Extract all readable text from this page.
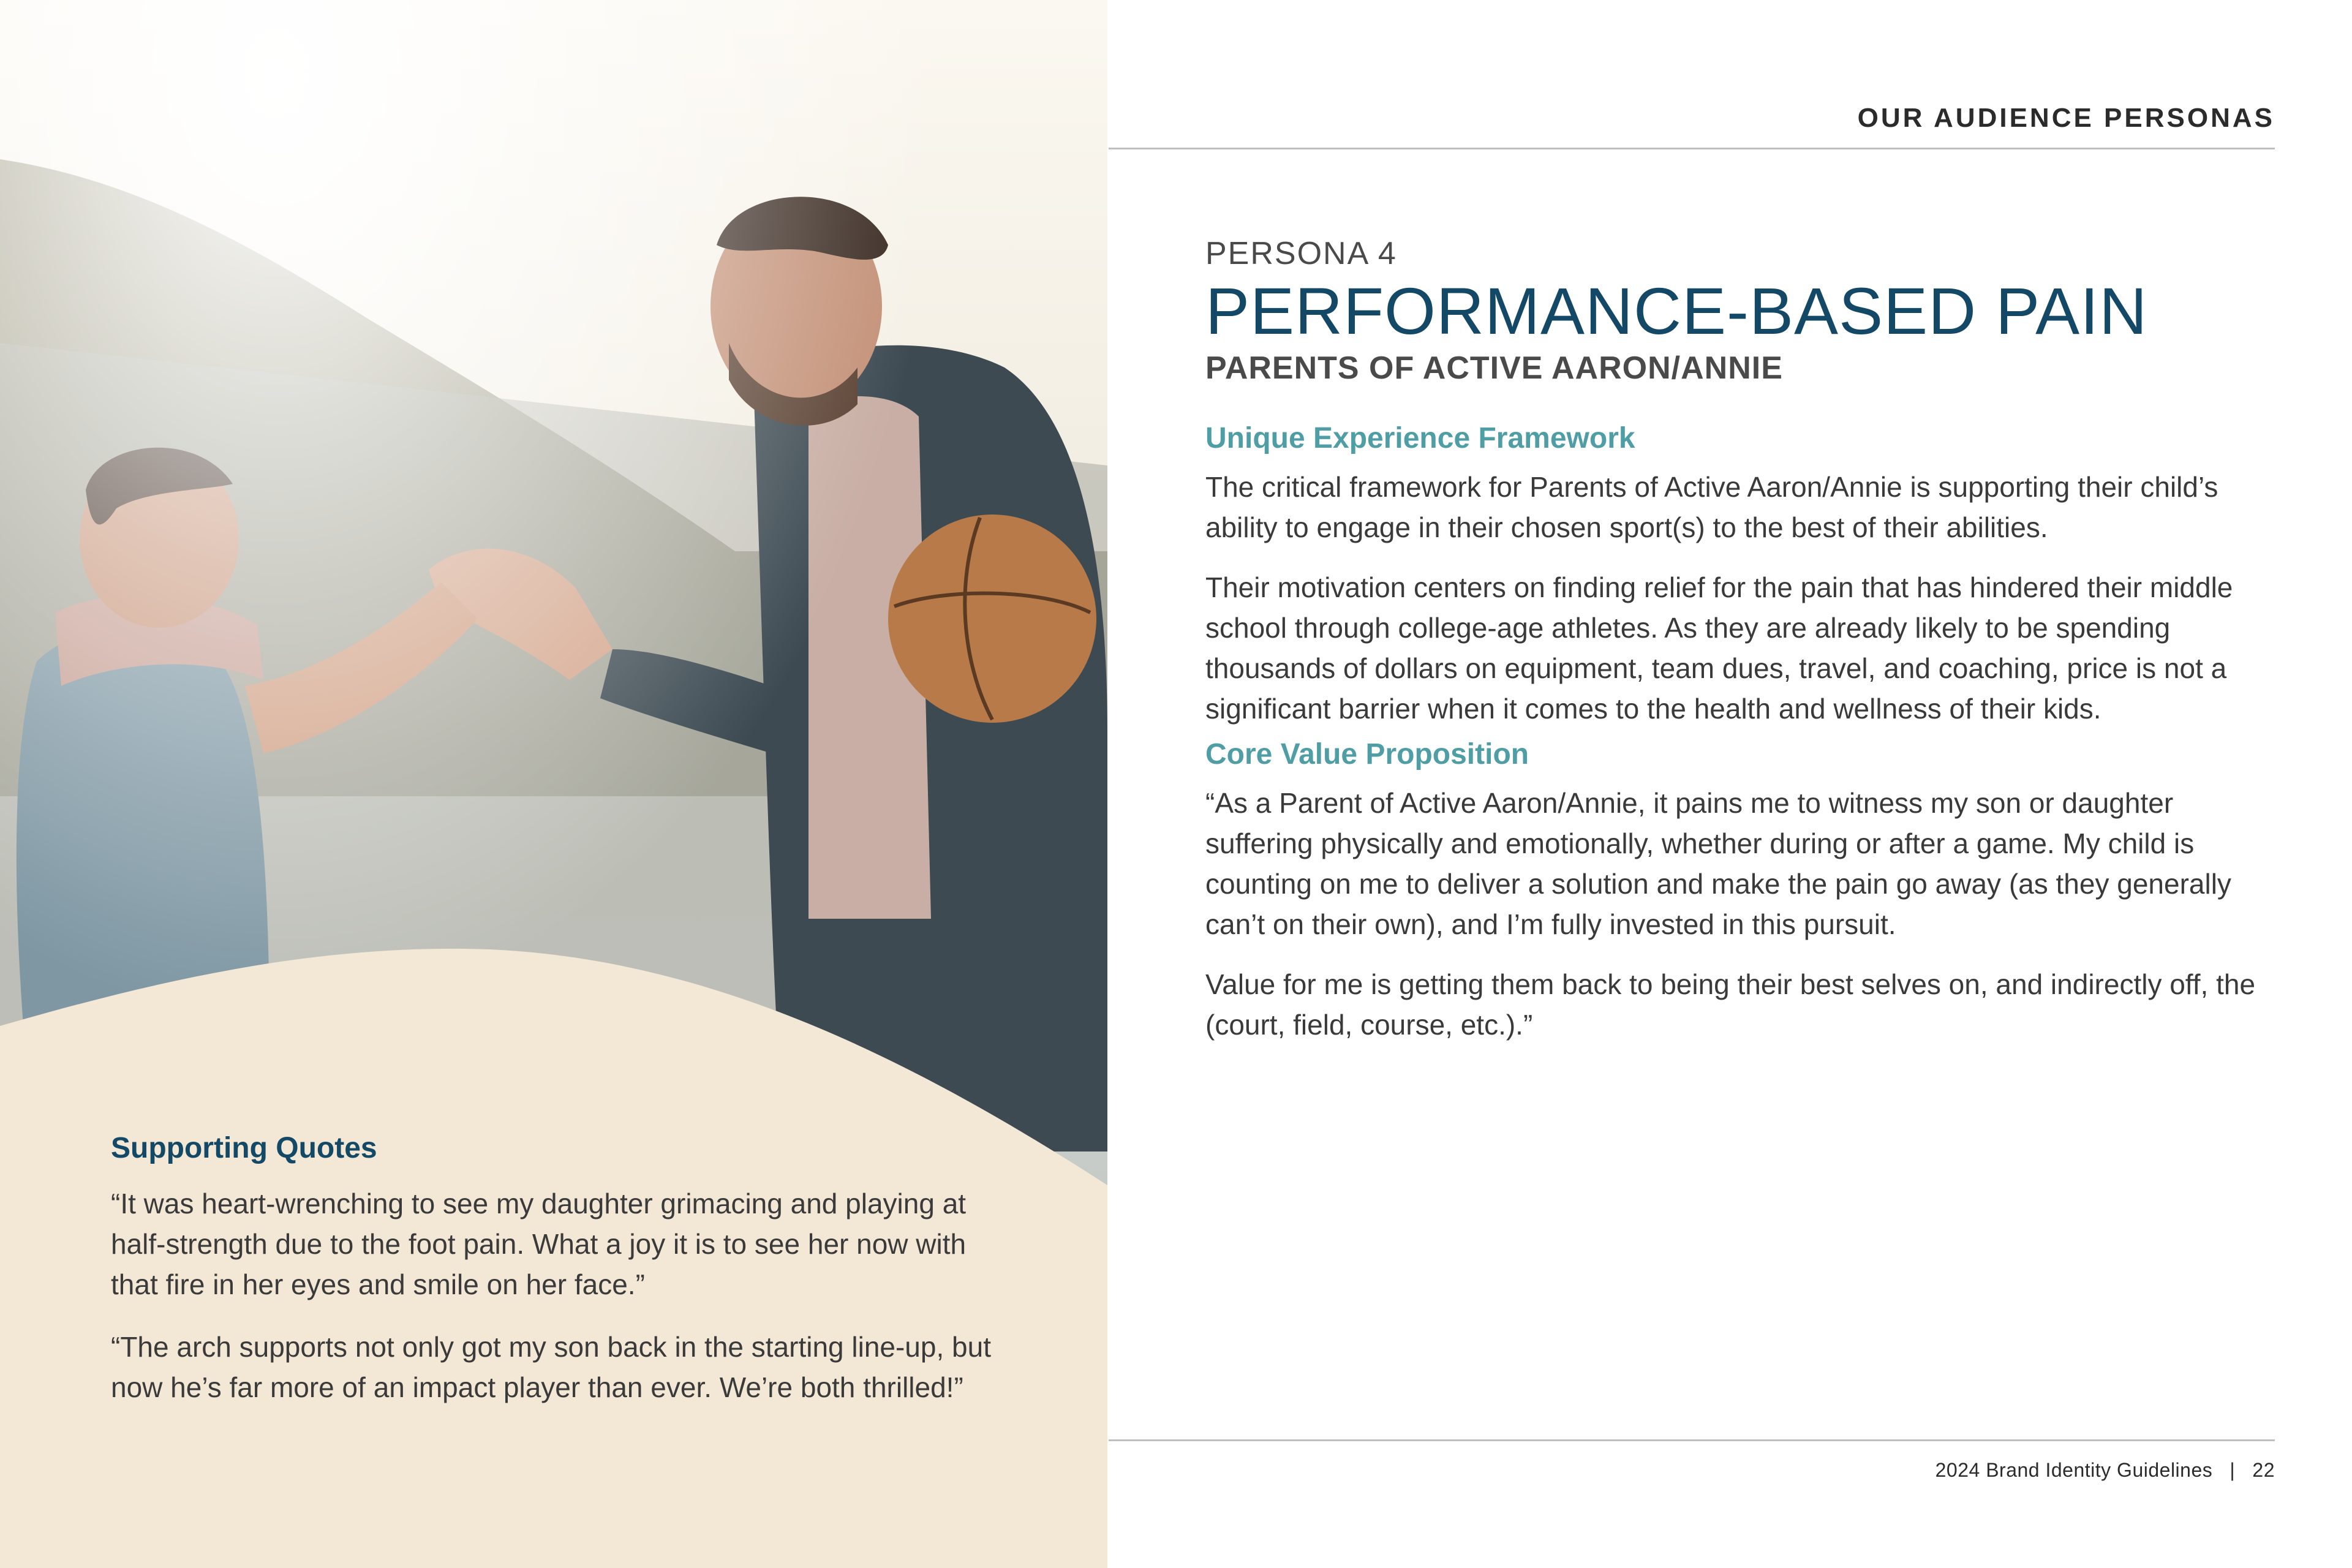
Supporting Quotes

“It was heart-wrenching to see my daughter grimacing and playing at half-strength due to the foot pain. What a joy it is to see her now with that fire in her eyes and smile on her face.”

“The arch supports not only got my son back in the starting line-up, but now he’s far more of an impact player than ever. We’re both thrilled!”

OUR AUDIENCE PERSONAS

PERSONA 4

PERFORMANCE-BASED PAIN

PARENTS OF ACTIVE AARON/ANNIE

Unique Experience Framework

The critical framework for Parents of Active Aaron/Annie is supporting their child’s ability to engage in their chosen sport(s) to the best of their abilities.

Their motivation centers on finding relief for the pain that has hindered their middle school through college-age athletes. As they are already likely to be spending thousands of dollars on equipment, team dues, travel, and coaching, price is not a significant barrier when it comes to the health and wellness of their kids.

Core Value Proposition

“As a Parent of Active Aaron/Annie, it pains me to witness my son or daughter suffering physically and emotionally, whether during or after a game. My child is counting on me to deliver a solution and make the pain go away (as they generally can’t on their own), and I’m fully invested in this pursuit.

Value for me is getting them back to being their best selves on, and indirectly off, the (court, field, course, etc.).”

2024 Brand Identity Guidelines   |   22
